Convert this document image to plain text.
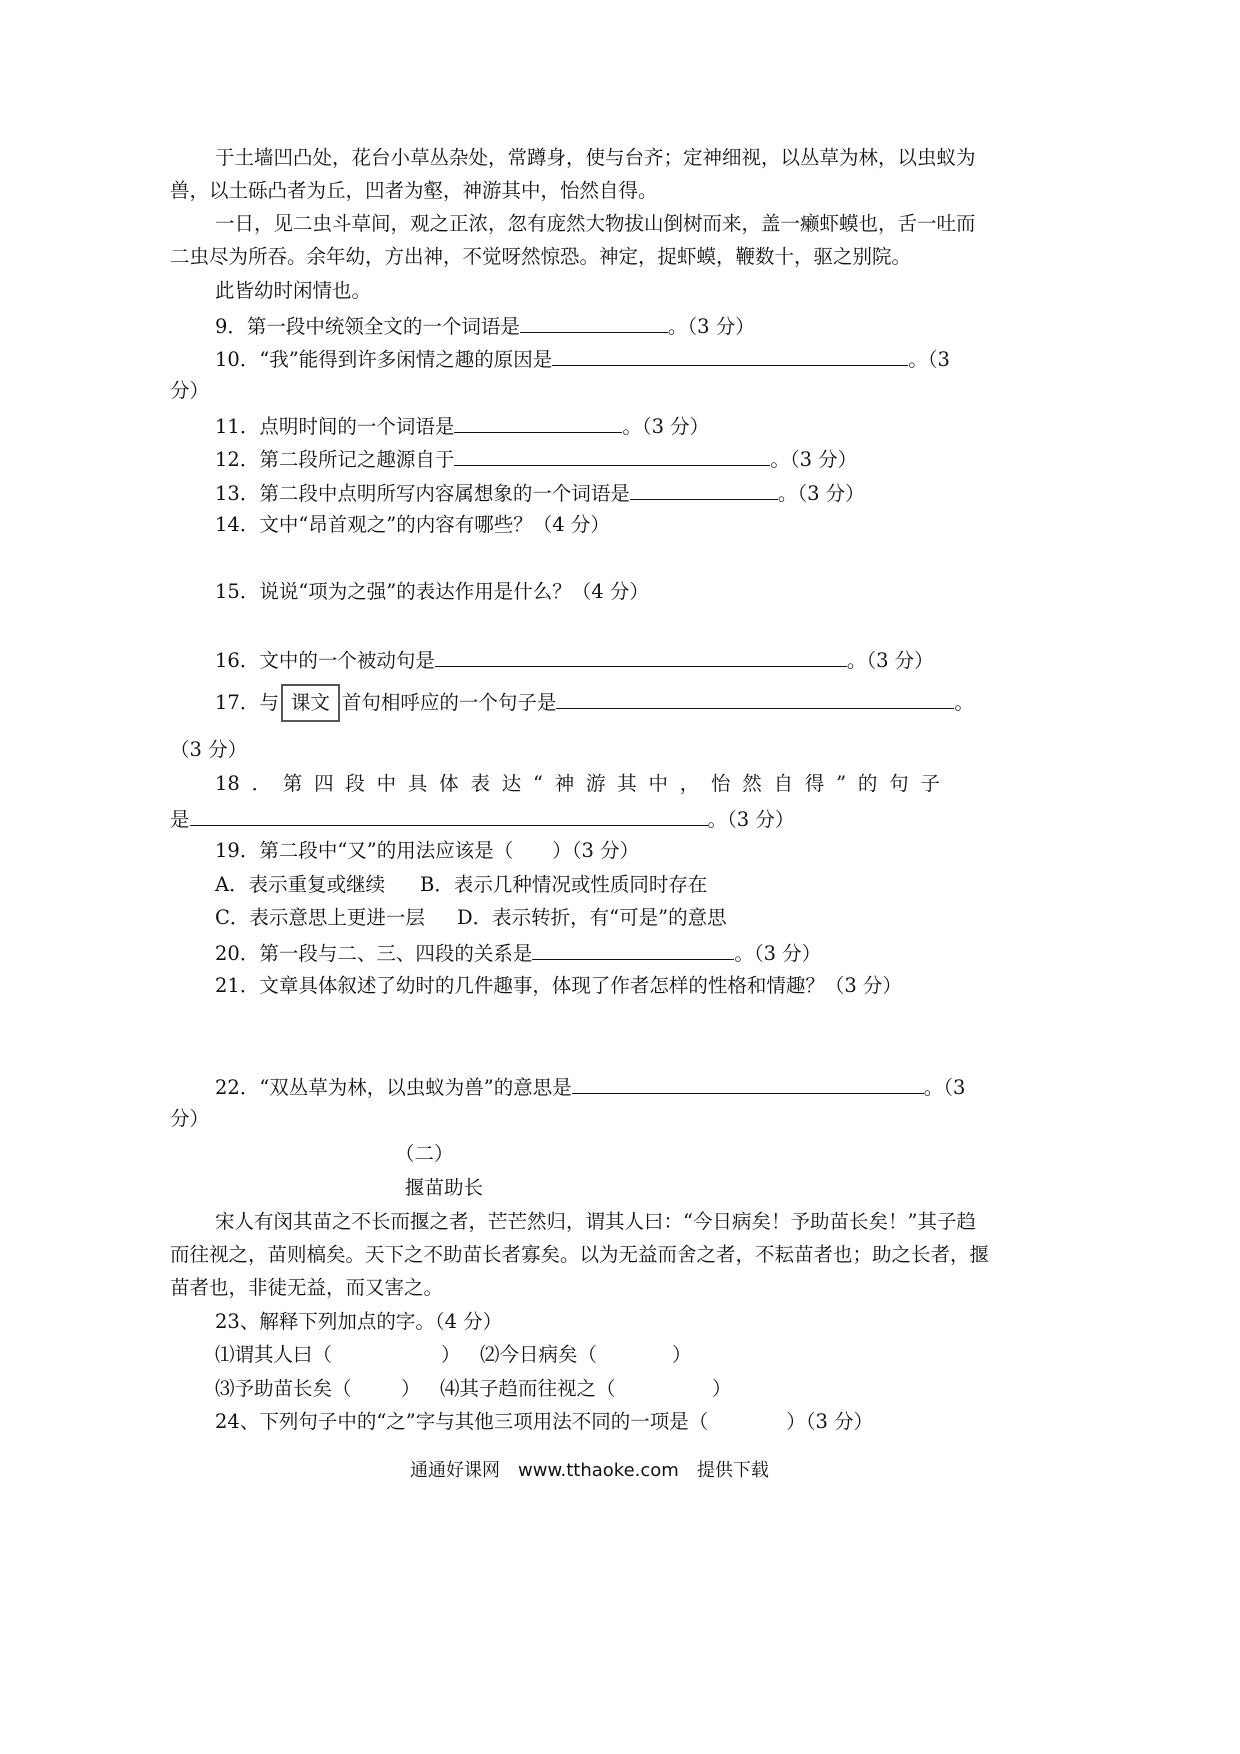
于土墙凹凸处，花台小草丛杂处，常蹲身，使与台齐；定神细视，以丛草为林，以虫蚁为
兽，以土砾凸者为丘，凹者为壑，神游其中，怡然自得。
一日，见二虫斗草间，观之正浓，忽有庞然大物拔山倒树而来，盖一癞虾蟆也，舌一吐而
二虫尽为所吞。余年幼，方出神，不觉呀然惊恐。神定，捉虾蟆，鞭数十，驱之别院。
此皆幼时闲情也。
9．第一段中统领全文的一个词语是	。（3 分）
10．“我”能得到许多闲情之趣的原因是	。（3
分）
11．点明时间的一个词语是	。（3 分）
12．第二段所记之趣源自于	。（3 分）
13．第二段中点明所写内容属想象的一个词语是	。（3 分）
14．文中“昂首观之”的内容有哪些？（4 分）
15．说说“项为之强”的表达作用是什么？（4 分）
16．文中的一个被动句是	。（3 分）
17．与 课文 首句相呼应的一个句子是	。
（3 分）
18 ． 第 四 段 中 具 体 表 达 “ 神 游 其 中 ， 怡 然 自 得 ” 的 句 子
是	。（3 分）
19．第二段中“又”的用法应该是（　　）（3 分）
A．表示重复或继续 B．表示几种情况或性质同时存在
C．表示意思上更进一层 D．表示转折，有“可是”的意思
20．第一段与二、三、四段的关系是	。（3 分）
21．文章具体叙述了幼时的几件趣事，体现了作者怎样的性格和情趣？（3 分）
22．“双丛草为林，以虫蚁为兽”的意思是	。（3
分）
（二）
揠苗助长
宋人有闵其苗之不长而揠之者，芒芒然归，谓其人曰：“今日病矣！予助苗长矣！”其子趋
而往视之，苗则槁矣。天下之不助苗长者寡矣。以为无益而舍之者，不耘苗者也；助之长者，揠
苗者也，非徒无益，而又害之。
23、解释下列加点的字。（4 分）
⑴谓其人曰（	） ⑵今日病矣（	）
⑶予助苗长矣（	） ⑷其子趋而往视之（	）
24、下列句子中的“之”字与其他三项用法不同的一项是（　　　　）（3 分）
通通好课网　www.tthaoke.com　提供下载
